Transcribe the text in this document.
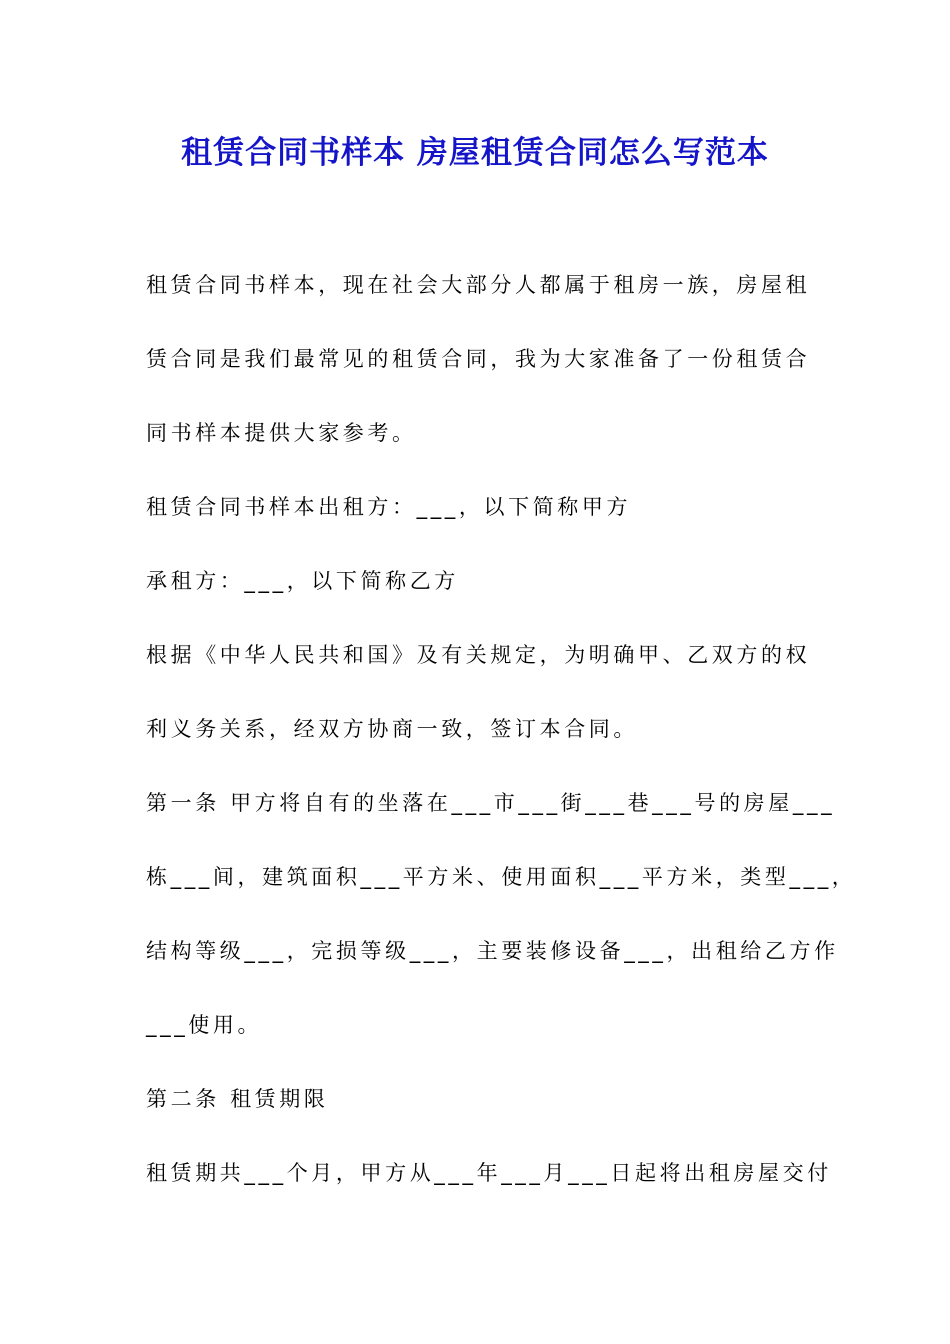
租赁合同书样本 房屋租赁合同怎么写范本
租赁合同书样本，现在社会大部分人都属于租房一族，房屋租
赁合同是我们最常见的租赁合同，我为大家准备了一份租赁合
同书样本提供大家参考。
租赁合同书样本出租方：___，以下简称甲方
承租方：___，以下简称乙方
根据《中华人民共和国》及有关规定，为明确甲、乙双方的权
利义务关系，经双方协商一致，签订本合同。
第一条 甲方将自有的坐落在___市___街___巷___号的房屋___
栋___间，建筑面积___平方米、使用面积___平方米，类型___，
结构等级___，完损等级___，主要装修设备___，出租给乙方作
___使用。
第二条 租赁期限
租赁期共___个月，甲方从___年___月___日起将出租房屋交付
